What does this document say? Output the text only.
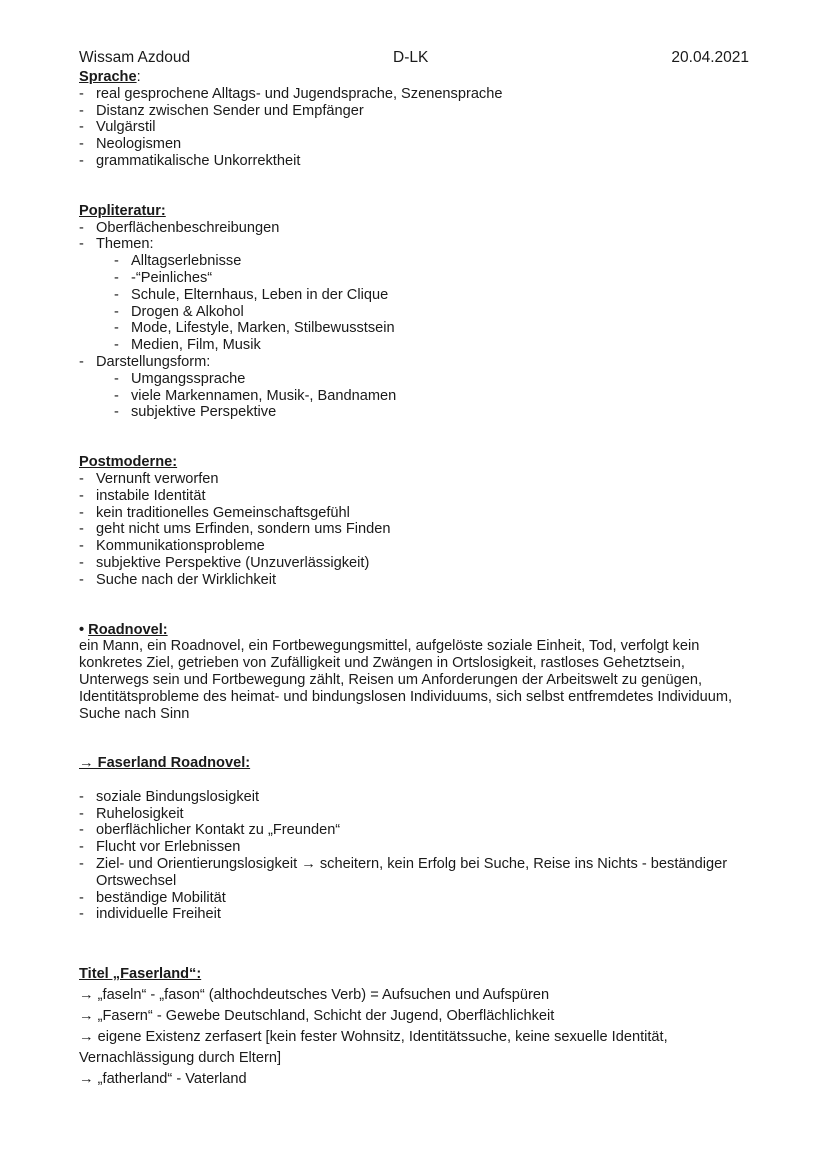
Wissam Azdoud	D-LK	20.04.2021
Sprache:
- real gesprochene Alltags- und Jugendsprache, Szenensprache
- Distanz zwischen Sender und Empfänger
- Vulgärstil
- Neologismen
- grammatikalische Unkorrektheit
Popliteratur:
- Oberflächenbeschreibungen
- Themen:
- Alltagserlebnisse
- -“Peinliches“
- Schule, Elternhaus, Leben in der Clique
- Drogen & Alkohol
- Mode, Lifestyle, Marken, Stilbewusstsein
- Medien, Film, Musik
- Darstellungsform:
- Umgangssprache
- viele Markennamen, Musik-, Bandnamen
- subjektive Perspektive
Postmoderne:
- Vernunft verworfen
- instabile Identität
- kein traditionelles Gemeinschaftsgefühl
- geht nicht ums Erfinden, sondern ums Finden
- Kommunikationsprobleme
- subjektive Perspektive (Unzuverlässigkeit)
- Suche nach der Wirklichkeit
• Roadnovel:

ein Mann, ein Roadnovel, ein Fortbewegungsmittel, aufgelöste soziale Einheit, Tod, verfolgt kein konkretes Ziel, getrieben von Zufälligkeit und Zwängen in Ortslosigkeit, rastloses Gehetztsein, Unterwegs sein und Fortbewegung zählt, Reisen um Anforderungen der Arbeitswelt zu genügen, Identitätsprobleme des heimat- und bindungslosen Individuums, sich selbst entfremdetes Individuum, Suche nach Sinn

→ Faserland Roadnovel:
- soziale Bindungslosigkeit
- Ruhelosigkeit
- oberflächlicher Kontakt zu „Freunden“
- Flucht vor Erlebnissen
- Ziel- und Orientierungslosigkeit → scheitern, kein Erfolg bei Suche, Reise ins Nichts - beständiger Ortswechsel
- beständige Mobilität
- individuelle Freiheit
Titel „Faserland“:

→ „faseln“ - „fason“ (althochdeutsches Verb) = Aufsuchen und Aufspüren

→ „Fasern“ - Gewebe Deutschland, Schicht der Jugend, Oberflächlichkeit

→ eigene Existenz zerfasert [kein fester Wohnsitz, Identitätssuche, keine sexuelle Identität, Vernachlässigung durch Eltern]

→ „fatherland“ - Vaterland
